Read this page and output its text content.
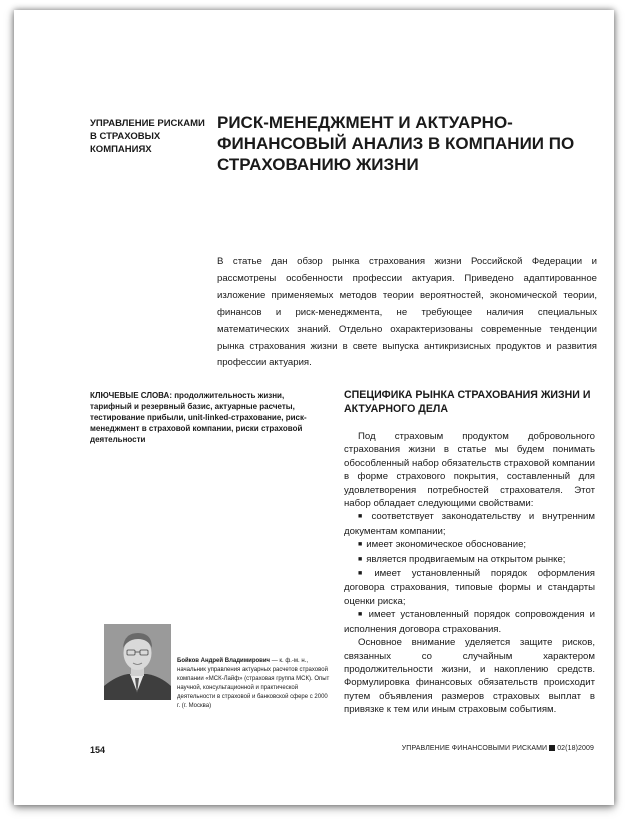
УПРАВЛЕНИЕ РИСКАМИ В СТРАХОВЫХ КОМПАНИЯХ
РИСК-МЕНЕДЖМЕНТ И АКТУАРНО-ФИНАНСОВЫЙ АНАЛИЗ В КОМПАНИИ ПО СТРАХОВАНИЮ ЖИЗНИ
В статье дан обзор рынка страхования жизни Российской Федерации и рассмотрены особенности профессии актуария. Приведено адаптированное изложение применяемых методов теории вероятностей, экономической теории, финансов и риск-менеджмента, не требующее наличия специальных математических знаний. Отдельно охарактеризованы современные тенденции рынка страхования жизни в свете выпуска антикризисных продуктов и развития профессии актуария.
КЛЮЧЕВЫЕ СЛОВА: продолжительность жизни, тарифный и резервный базис, актуарные расчеты, тестирование прибыли, unit-linked-страхование, риск-менеджмент в страховой компании, риски страховой деятельности
СПЕЦИФИКА РЫНКА СТРАХОВАНИЯ ЖИЗНИ И АКТУАРНОГО ДЕЛА

Под страховым продуктом добровольного страхования жизни в статье мы будем понимать обособленный набор обязательств страховой компании в форме страхового покрытия, составленный для удовлетворения потребностей страхователя. Этот набор обладает следующими свойствами:

■ соответствует законодательству и внутренним документам компании;

■ имеет экономическое обоснование;

■ является продвигаемым на открытом рынке;

■ имеет установленный порядок оформления договора страхования, типовые формы и стандарты оценки риска;

■ имеет установленный порядок сопровождения и исполнения договора страхования.

Основное внимание уделяется защите рисков, связанных со случайным характером продолжительности жизни, и накоплению средств. Формулировка финансовых обязательств происходит путем объявления размеров страховых выплат в привязке к тем или иным страховым событиям.

Бойков Андрей Владимирович — к. ф.-м. н., начальник управления актуарных расчетов страховой компании «МСК-Лайф» (страховая группа МСК). Опыт научной, консультационной и практической деятельности в страховой и банковской сфере с 2000 г. (г. Москва)
154	УПРАВЛЕНИЕ ФИНАНСОВЫМИ РИСКАМИ 02(18)2009
